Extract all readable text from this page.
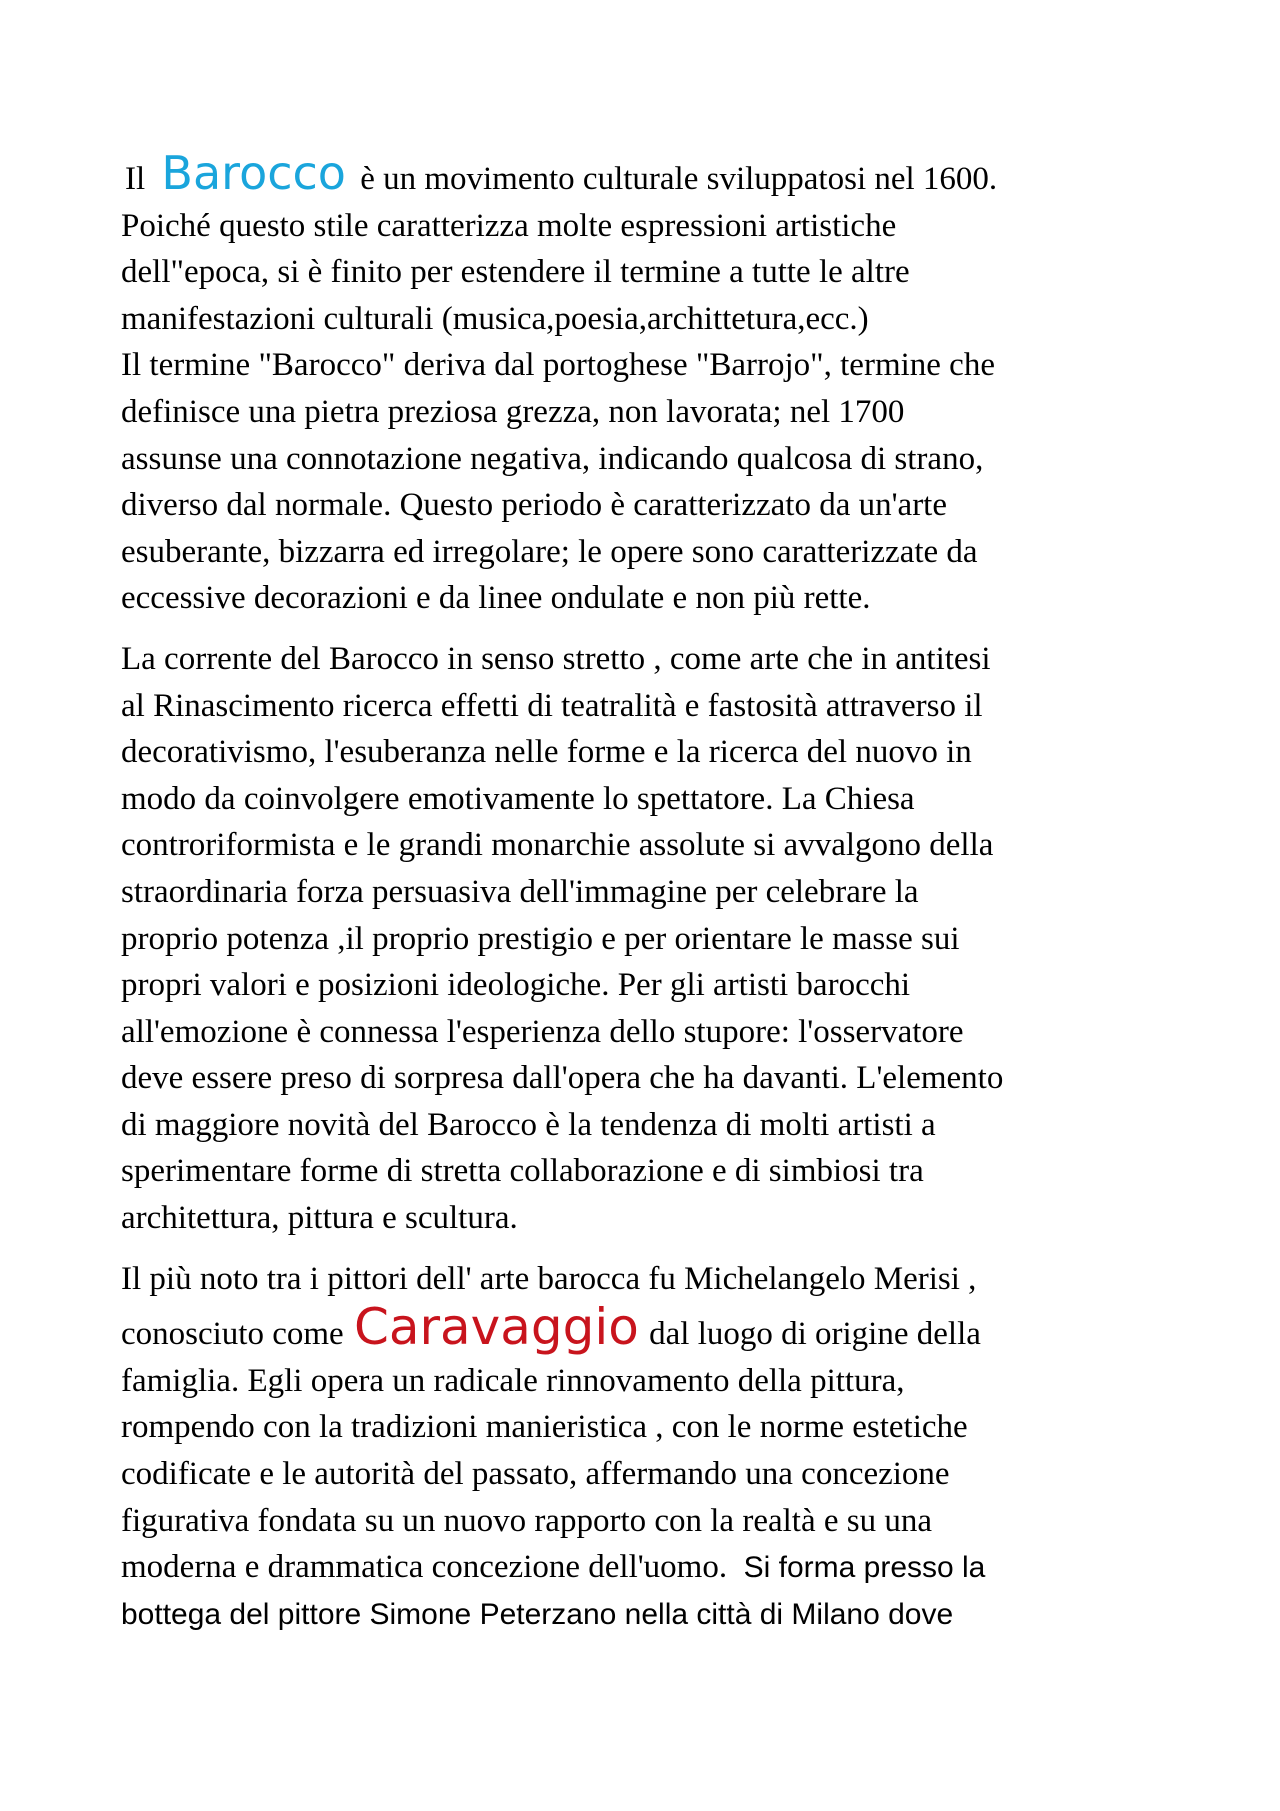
Il Barocco è un movimento culturale sviluppatosi nel 1600.
Poiché questo stile caratterizza molte espressioni artistiche
dell"epoca, si è finito per estendere il termine a tutte le altre
manifestazioni culturali (musica,poesia,archittetura,ecc.)
Il termine "Barocco" deriva dal portoghese "Barrojo", termine che
definisce una pietra preziosa grezza, non lavorata; nel 1700
assunse una connotazione negativa, indicando qualcosa di strano,
diverso dal normale. Questo periodo è caratterizzato da un'arte
esuberante, bizzarra ed irregolare; le opere sono caratterizzate da
eccessive decorazioni e da linee ondulate e non più rette.

La corrente del Barocco in senso stretto , come arte che in antitesi
al Rinascimento ricerca effetti di teatralità e fastosità attraverso il
decorativismo, l'esuberanza nelle forme e la ricerca del nuovo in
modo da coinvolgere emotivamente lo spettatore. La Chiesa
controriformista e le grandi monarchie assolute si avvalgono della
straordinaria forza persuasiva dell'immagine per celebrare la
proprio potenza ,il proprio prestigio e per orientare le masse sui
propri valori e posizioni ideologiche. Per gli artisti barocchi
all'emozione è connessa l'esperienza dello stupore: l'osservatore
deve essere preso di sorpresa dall'opera che ha davanti. L'elemento
di maggiore novità del Barocco è la tendenza di molti artisti a
sperimentare forme di stretta collaborazione e di simbiosi tra
architettura, pittura e scultura.

Il più noto tra i pittori dell' arte barocca fu Michelangelo Merisi ,
conosciuto come Caravaggio dal luogo di origine della
famiglia. Egli opera un radicale rinnovamento della pittura,
rompendo con la tradizioni manieristica , con le norme estetiche
codificate e le autorità del passato, affermando una concezione
figurativa fondata su un nuovo rapporto con la realtà e su una
moderna e drammatica concezione dell'uomo. Si forma presso la
bottega del pittore Simone Peterzano nella città di Milano dove
